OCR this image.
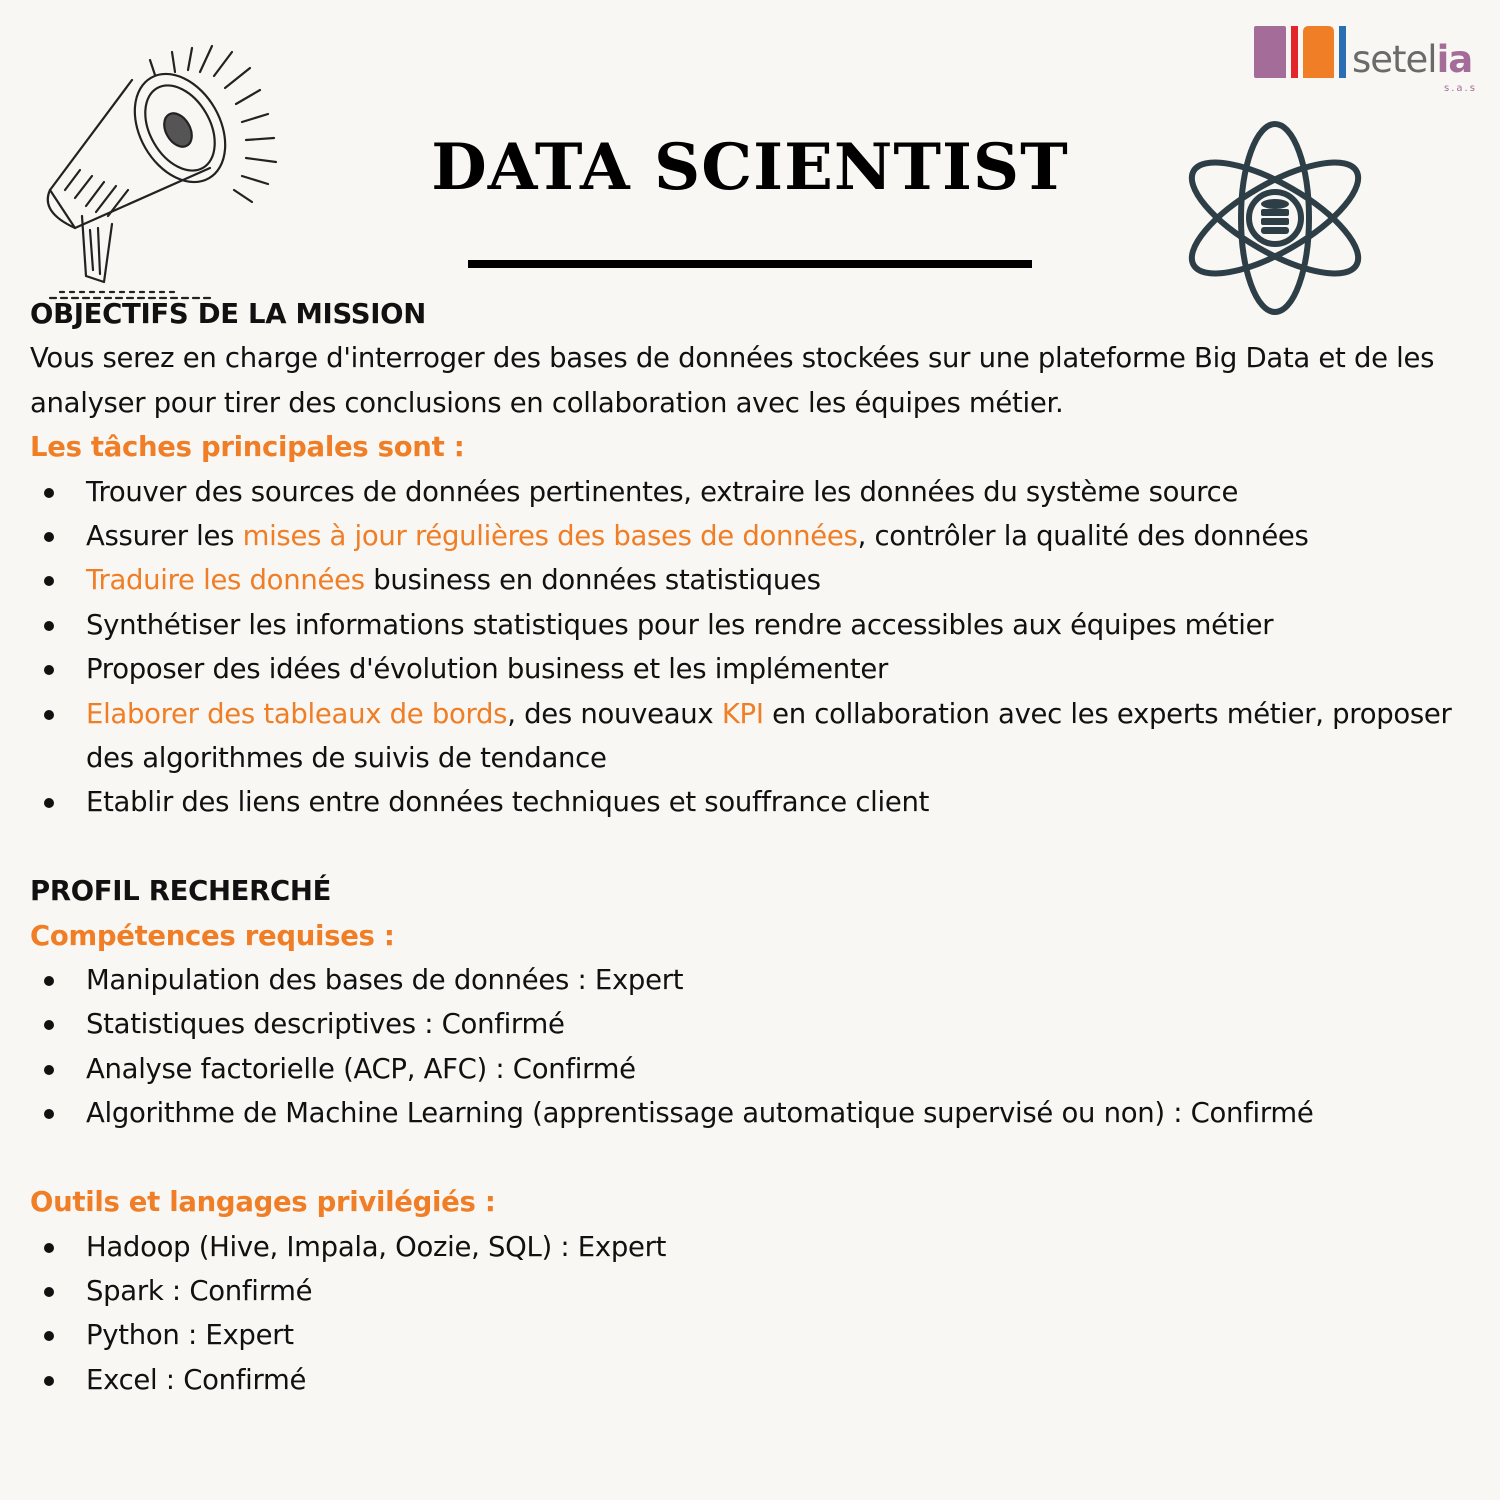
setelia
s.a.s
DATA SCIENTIST

OBJECTIFS DE LA MISSION

Vous serez en charge d'interroger des bases de données stockées sur une plateforme Big Data et de les analyser pour tirer des conclusions en collaboration avec les équipes métier.

Les tâches principales sont :

Trouver des sources de données pertinentes, extraire les données du système source
Assurer les mises à jour régulières des bases de données, contrôler la qualité des données
Traduire les données business en données statistiques
Synthétiser les informations statistiques pour les rendre accessibles aux équipes métier
Proposer des idées d'évolution business et les implémenter
Elaborer des tableaux de bords, des nouveaux KPI en collaboration avec les experts métier, proposer des algorithmes de suivis de tendance
Etablir des liens entre données techniques et souffrance client

PROFIL RECHERCHÉ

Compétences requises :

Manipulation des bases de données : Expert
Statistiques descriptives : Confirmé
Analyse factorielle (ACP, AFC) : Confirmé
Algorithme de Machine Learning (apprentissage automatique supervisé ou non) : Confirmé

Outils et langages privilégiés :

Hadoop (Hive, Impala, Oozie, SQL) : Expert
Spark : Confirmé
Python : Expert
Excel : Confirmé
